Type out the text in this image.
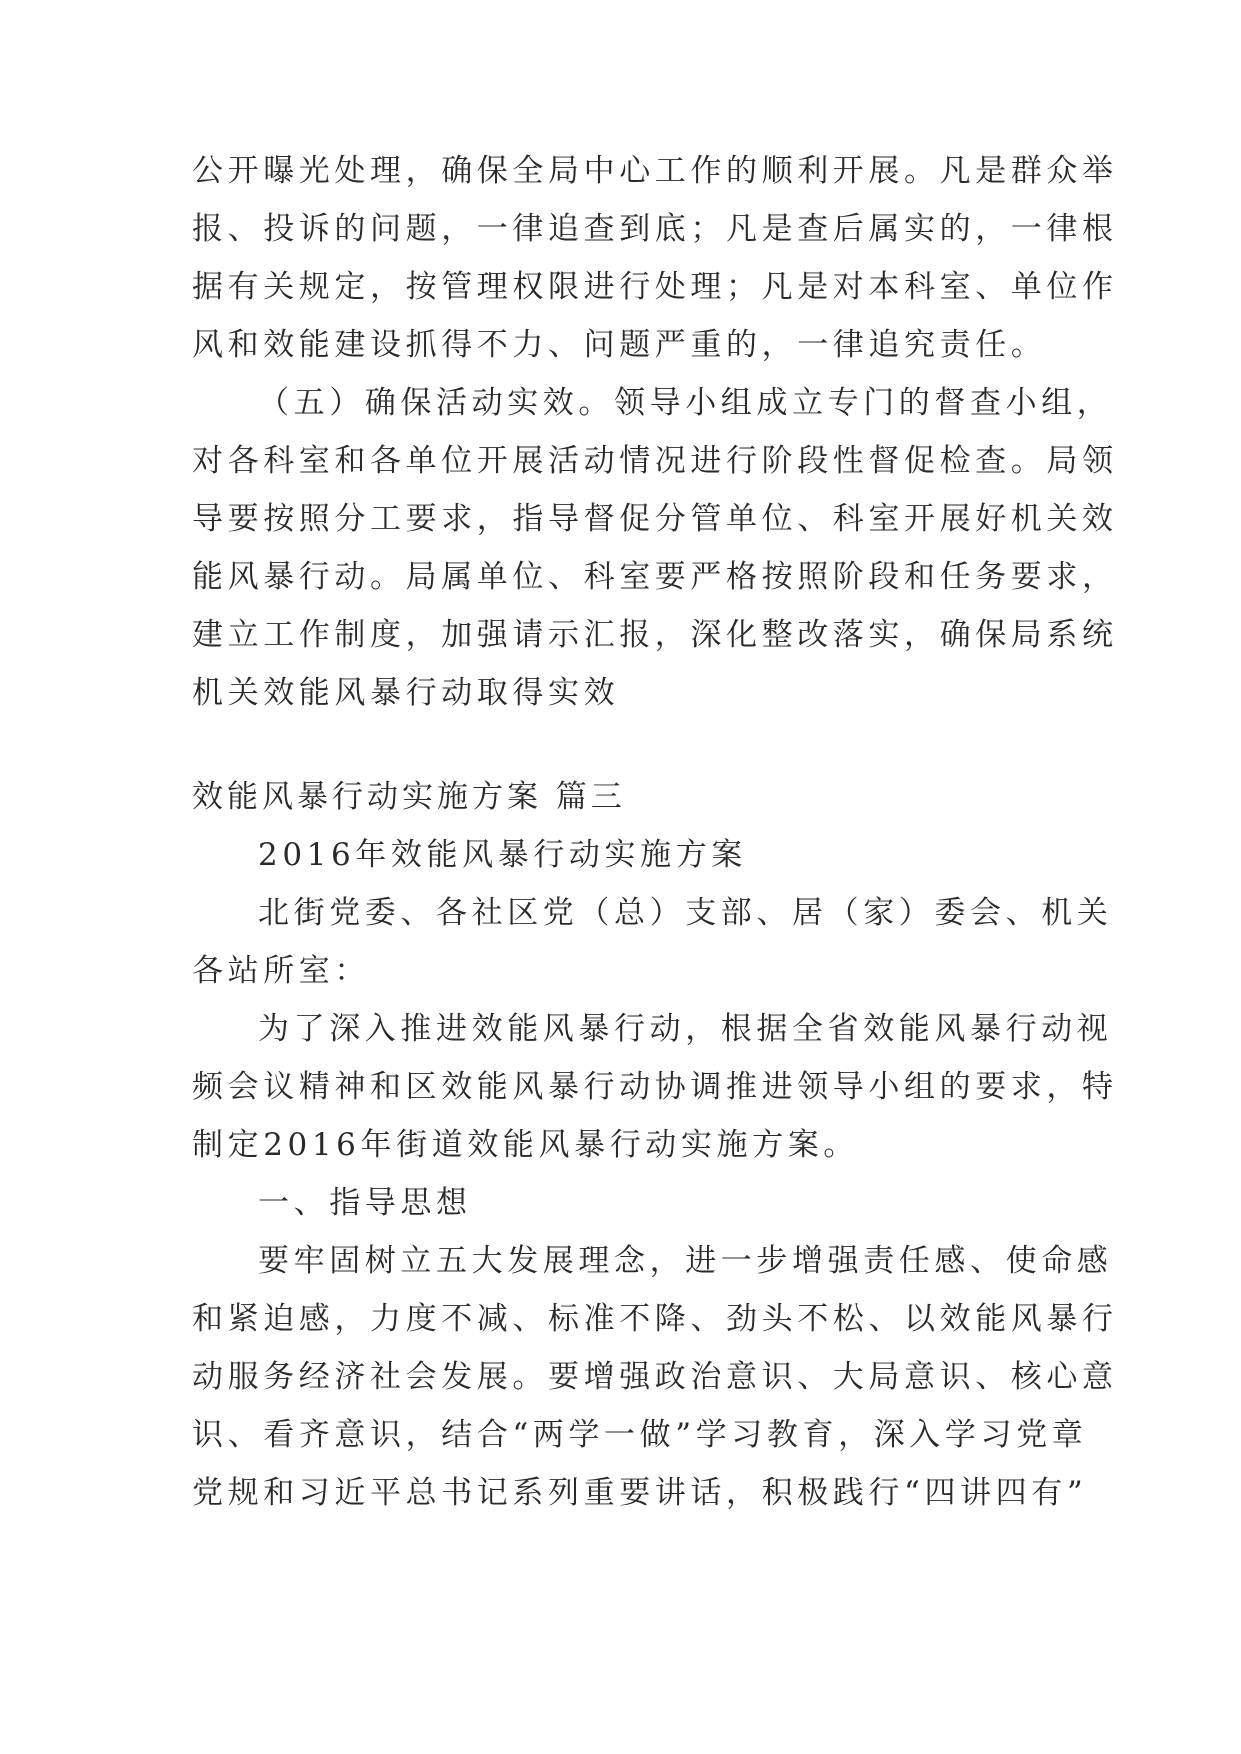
公开曝光处理，确保全局中心工作的顺利开展。凡是群众举
报、投诉的问题，一律追查到底；凡是查后属实的，一律根
据有关规定，按管理权限进行处理；凡是对本科室、单位作
风和效能建设抓得不力、问题严重的，一律追究责任。
（五）确保活动实效。领导小组成立专门的督查小组，
对各科室和各单位开展活动情况进行阶段性督促检查。局领
导要按照分工要求，指导督促分管单位、科室开展好机关效
能风暴行动。局属单位、科室要严格按照阶段和任务要求，
建立工作制度，加强请示汇报，深化整改落实，确保局系统
机关效能风暴行动取得实效
效能风暴行动实施方案 篇三
2016年效能风暴行动实施方案
北街党委、各社区党（总）支部、居（家）委会、机关
各站所室：
为了深入推进效能风暴行动，根据全省效能风暴行动视
频会议精神和区效能风暴行动协调推进领导小组的要求，特
制定2016年街道效能风暴行动实施方案。
一、指导思想
要牢固树立五大发展理念，进一步增强责任感、使命感
和紧迫感，力度不减、标准不降、劲头不松、以效能风暴行
动服务经济社会发展。要增强政治意识、大局意识、核心意
识、看齐意识，结合“两学一做”学习教育，深入学习党章
党规和习近平总书记系列重要讲话，积极践行“四讲四有”
